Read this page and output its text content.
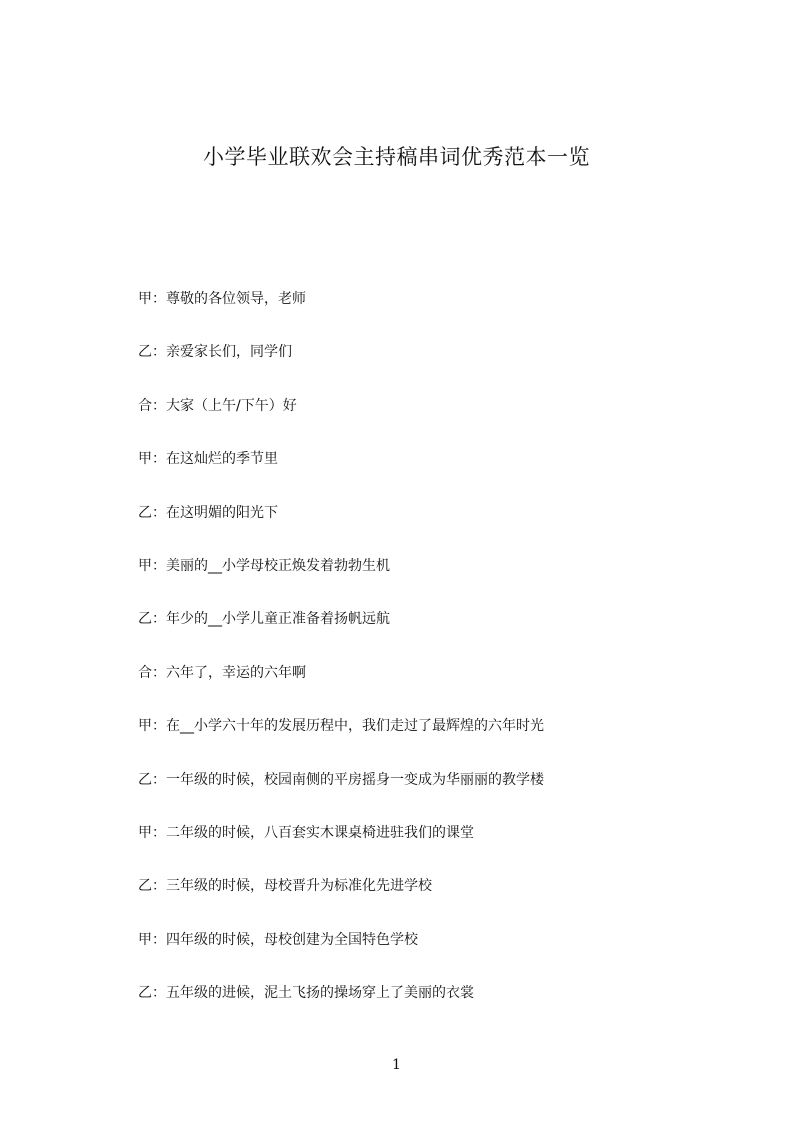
小学毕业联欢会主持稿串词优秀范本一览
甲：尊敬的各位领导，老师
乙：亲爱家长们，同学们
合：大家（上午/下午）好
甲：在这灿烂的季节里
乙：在这明媚的阳光下
甲：美丽的__小学母校正焕发着勃勃生机
乙：年少的__小学儿童正准备着扬帆远航
合：六年了，幸运的六年啊
甲：在__小学六十年的发展历程中，我们走过了最辉煌的六年时光
乙：一年级的时候，校园南侧的平房摇身一变成为华丽丽的教学楼
甲：二年级的时候，八百套实木课桌椅进驻我们的课堂
乙：三年级的时候，母校晋升为标准化先进学校
甲：四年级的时候，母校创建为全国特色学校
乙：五年级的进候，泥土飞扬的操场穿上了美丽的衣裳
1
